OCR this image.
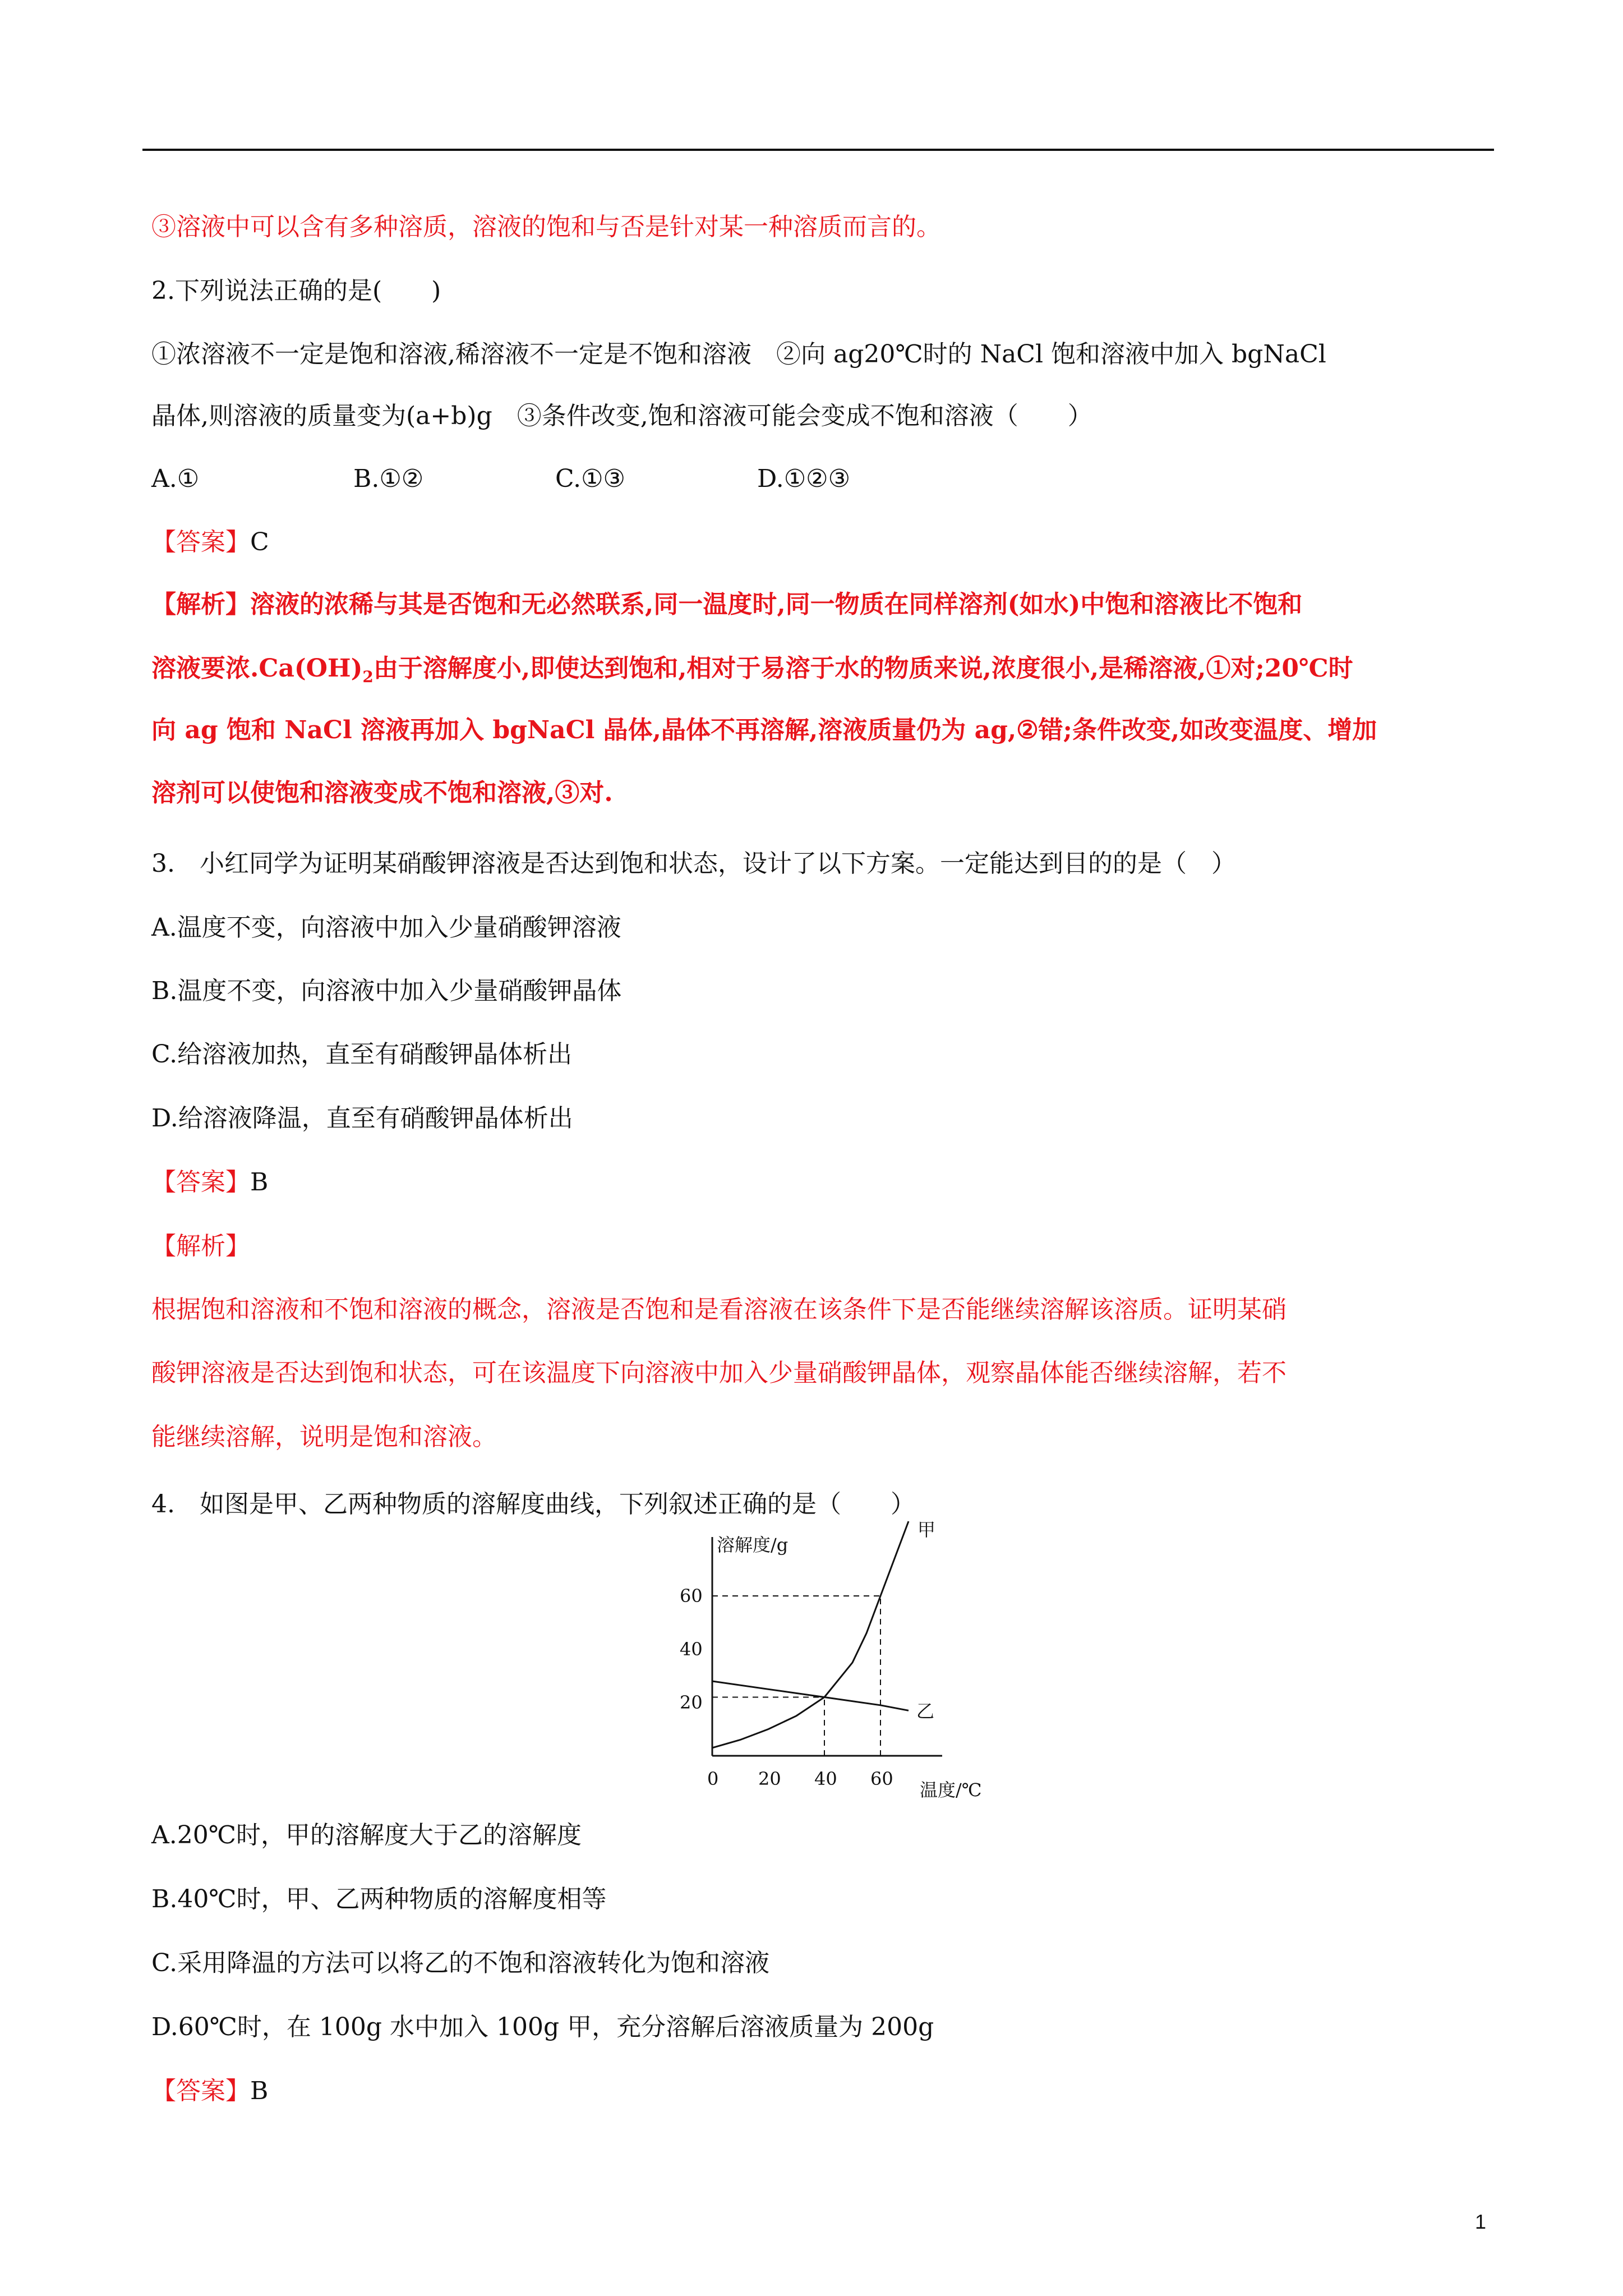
③溶液中可以含有多种溶质，溶液的饱和与否是针对某一种溶质而言的。
2.下列说法正确的是(　　)
①浓溶液不一定是饱和溶液,稀溶液不一定是不饱和溶液　②向 ag20℃时的 NaCl 饱和溶液中加入 bgNaCl
晶体,则溶液的质量变为(a+b)g　③条件改变,饱和溶液可能会变成不饱和溶液（　　）
A.①	B.①②	C.①③	D.①②③
【答案】C
【解析】溶液的浓稀与其是否饱和无必然联系,同一温度时,同一物质在同样溶剂(如水)中饱和溶液比不饱和
溶液要浓$.Ca(OH)_2$由于溶解度小,即使达到饱和,相对于易溶于水的物质来说,浓度很小,是稀溶液,①对;20℃时
向 ag 饱和 NaCl 溶液再加入 bgNaCl 晶体,晶体不再溶解,溶液质量仍为 ag,②错;条件改变,如改变温度、增加
溶剂可以使饱和溶液变成不饱和溶液,③对.
3.　小红同学为证明某硝酸钾溶液是否达到饱和状态，设计了以下方案。一定能达到目的的是（　）
A.温度不变，向溶液中加入少量硝酸钾溶液
B.温度不变，向溶液中加入少量硝酸钾晶体
C.给溶液加热，直至有硝酸钾晶体析出
D.给溶液降温，直至有硝酸钾晶体析出
【答案】B
【解析】
根据饱和溶液和不饱和溶液的概念，溶液是否饱和是看溶液在该条件下是否能继续溶解该溶质。证明某硝
酸钾溶液是否达到饱和状态，可在该温度下向溶液中加入少量硝酸钾晶体，观察晶体能否继续溶解，若不
能继续溶解，说明是饱和溶液。
4.　如图是甲、乙两种物质的溶解度曲线，下列叙述正确的是（　　）
溶解度/g
温度/℃
0 20 40 60
20
40
60
甲
乙
A.20℃时，甲的溶解度大于乙的溶解度
B.40℃时，甲、乙两种物质的溶解度相等
C.采用降温的方法可以将乙的不饱和溶液转化为饱和溶液
D.60℃时，在 100g 水中加入 100g 甲，充分溶解后溶液质量为 200g
【答案】B
1
